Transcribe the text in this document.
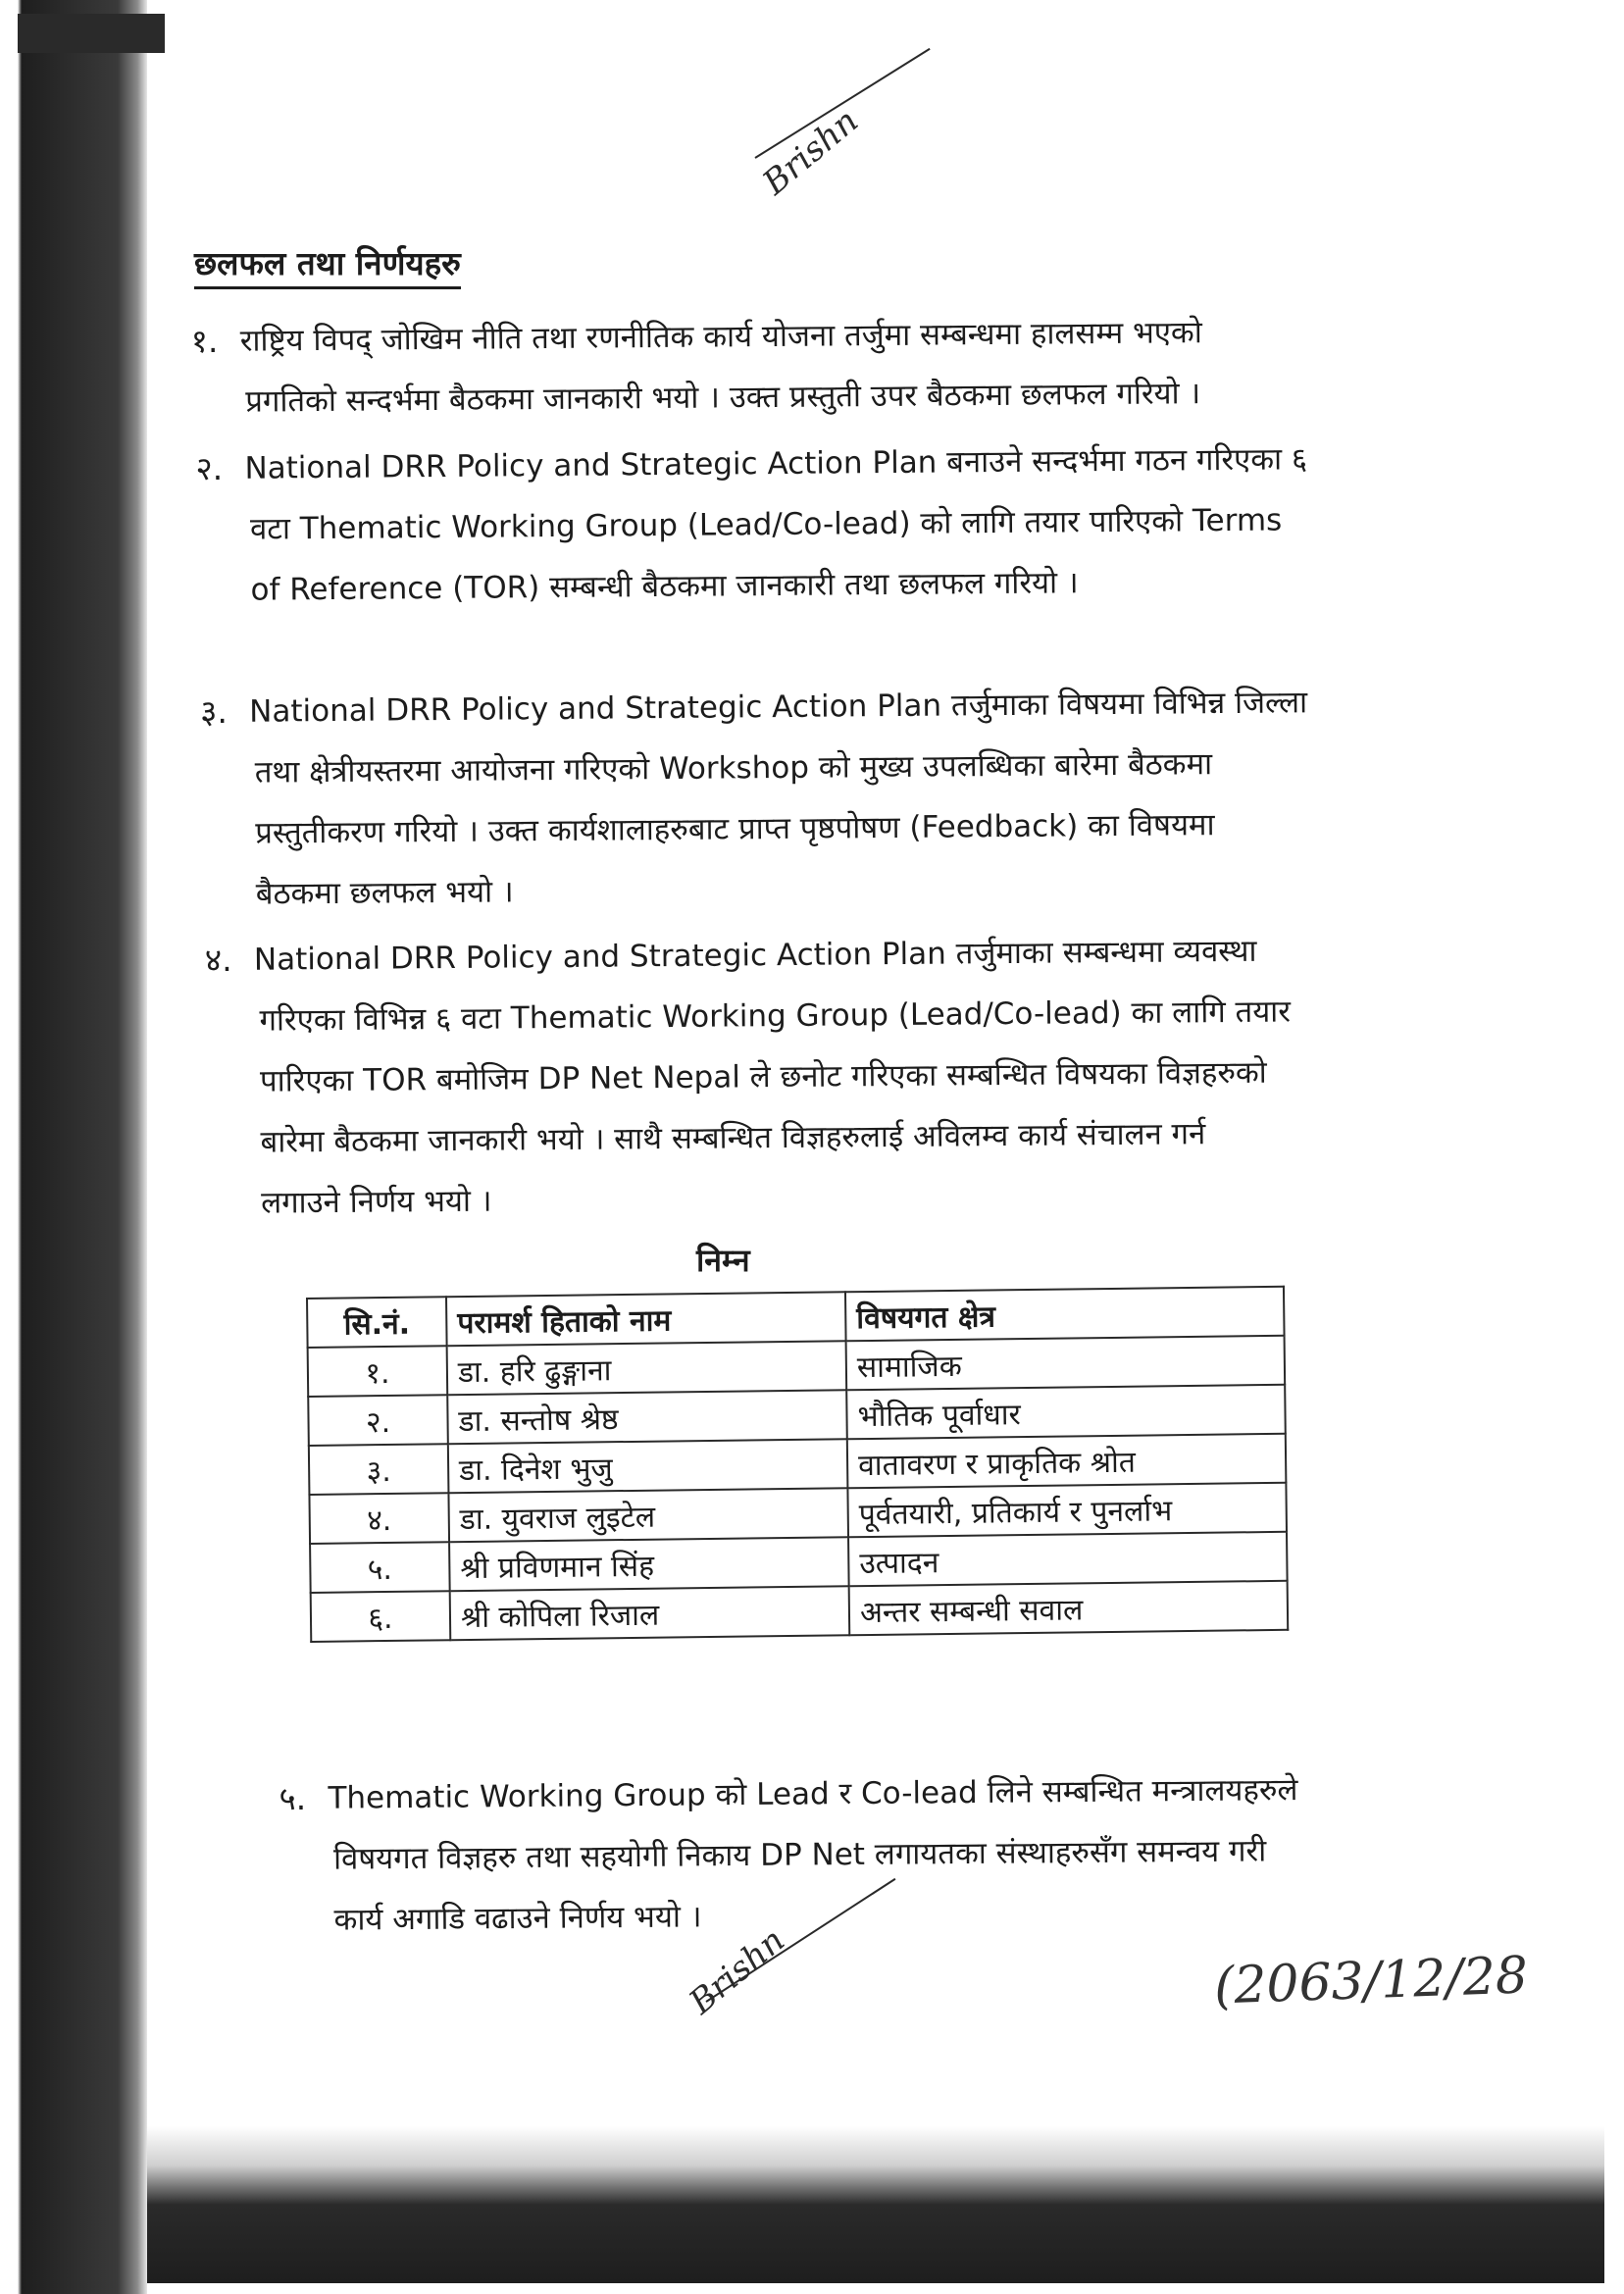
Brishn
छलफल तथा निर्णयहरु
१. राष्ट्रिय विपद् जोखिम नीति तथा रणनीतिक कार्य योजना तर्जुमा सम्बन्धमा हालसम्म भएको
प्रगतिको सन्दर्भमा बैठकमा जानकारी भयो । उक्त प्रस्तुती उपर बैठकमा छलफल गरियो ।
२. National DRR Policy and Strategic Action Plan बनाउने सन्दर्भमा गठन गरिएका ६
वटा Thematic Working Group (Lead/Co-lead) को लागि तयार पारिएको Terms
of Reference (TOR) सम्बन्धी बैठकमा जानकारी तथा छलफल गरियो ।
३. National DRR Policy and Strategic Action Plan तर्जुमाका विषयमा विभिन्न जिल्ला
तथा क्षेत्रीयस्तरमा आयोजना गरिएको Workshop को मुख्य उपलब्धिका बारेमा बैठकमा
प्रस्तुतीकरण गरियो । उक्त कार्यशालाहरुबाट प्राप्त पृष्ठपोषण (Feedback) का विषयमा
बैठकमा छलफल भयो ।
४. National DRR Policy and Strategic Action Plan तर्जुमाका सम्बन्धमा व्यवस्था
गरिएका विभिन्न ६ वटा Thematic Working Group (Lead/Co-lead) का लागि तयार
पारिएका TOR बमोजिम DP Net Nepal ले छनोट गरिएका सम्बन्धित विषयका विज्ञहरुको
बारेमा बैठकमा जानकारी भयो । साथै सम्बन्धित विज्ञहरुलाई अविलम्व कार्य संचालन गर्न
लगाउने निर्णय भयो ।
निम्न
सि.नं.	परामर्श हिताको नाम	विषयगत क्षेत्र
१.	डा. हरि ढुङ्गाना	सामाजिक
२.	डा. सन्तोष श्रेष्ठ	भौतिक पूर्वाधार
३.	डा. दिनेश भुजु	वातावरण र प्राकृतिक श्रोत
४.	डा. युवराज लुइटेल	पूर्वतयारी, प्रतिकार्य र पुनर्लाभ
५.	श्री प्रविणमान सिंह	उत्पादन
६.	श्री कोपिला रिजाल	अन्तर सम्बन्धी सवाल
५. Thematic Working Group को Lead र Co-lead लिने सम्बन्धित मन्त्रालयहरुले
विषयगत विज्ञहरु तथा सहयोगी निकाय DP Net लगायतका संस्थाहरुसँग समन्वय गरी
कार्य अगाडि वढाउने निर्णय भयो ।
Brishn	(2063/12/28
